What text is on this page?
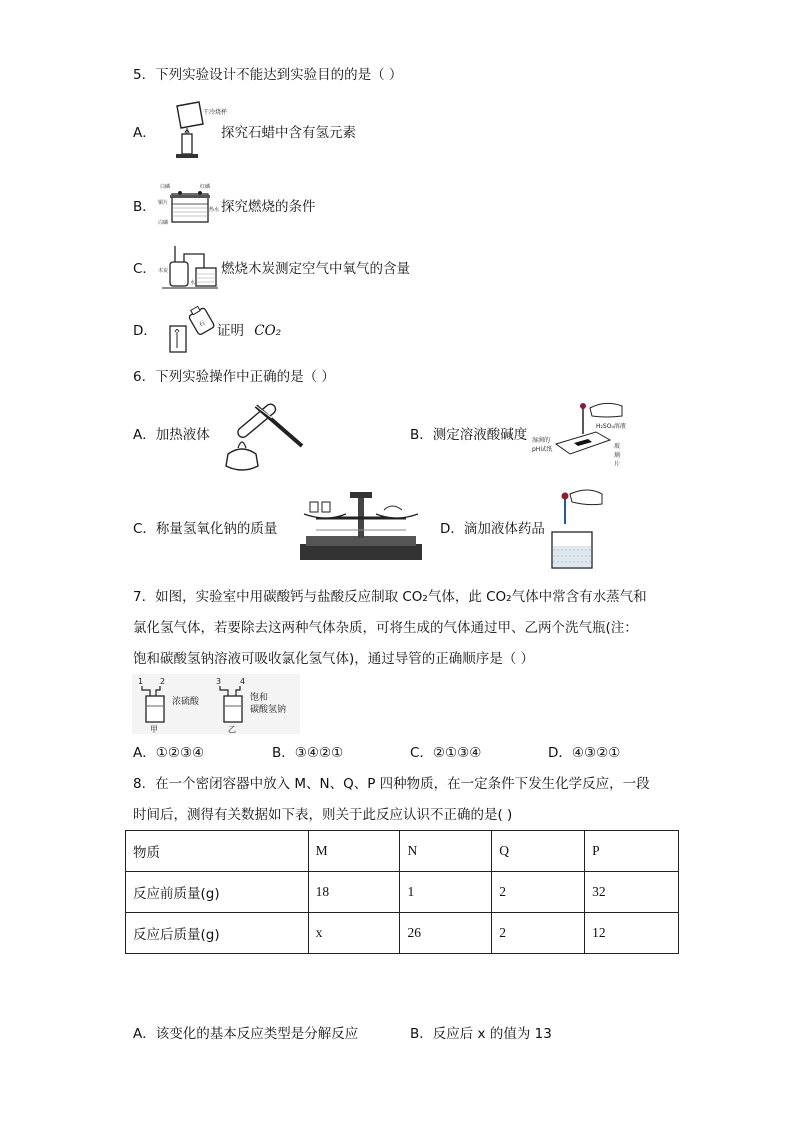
5．下列实验设计不能达到实验目的的是（ ）
A．
干冷烧杯
探究石蜡中含有氢元素
B．
白磷	红磷
铜片
热水
白磷
探究燃烧的条件
C． 木炭
水
燃烧木炭测定空气中氧气的含量
D．	石 证明 CO₂
6．下列实验操作中正确的是（ ）
A．加热液体	B．测定溶液酸碱度
H₂SO₄溶液
湿润的
pH试纸	玻
璃
片
C．称量氢氧化钠的质量	D．滴加液体药品
7．如图，实验室中用碳酸钙与盐酸反应制取 CO₂气体，此 CO₂气体中常含有水蒸气和
氯化氢气体，若要除去这两种气体杂质，可将生成的气体通过甲、乙两个洗气瓶(注：
饱和碳酸氢钠溶液可吸收氯化氢气体)，通过导管的正确顺序是（ ）
1 2	3 4
浓硫酸
甲
饱和
碳酸氢钠
乙
A．①②③④	B．③④②①	C．②①③④	D．④③②①
8．在一个密闭容器中放入 M、N、Q、P 四种物质，在一定条件下发生化学反应，一段
时间后，测得有关数据如下表，则关于此反应认识不正确的是( )
物质	M	N	Q	P
反应前质量(g)	18	1	2	32
反应后质量(g)	x	26	2	12
A．该变化的基本反应类型是分解反应	B．反应后 x 的值为 13
